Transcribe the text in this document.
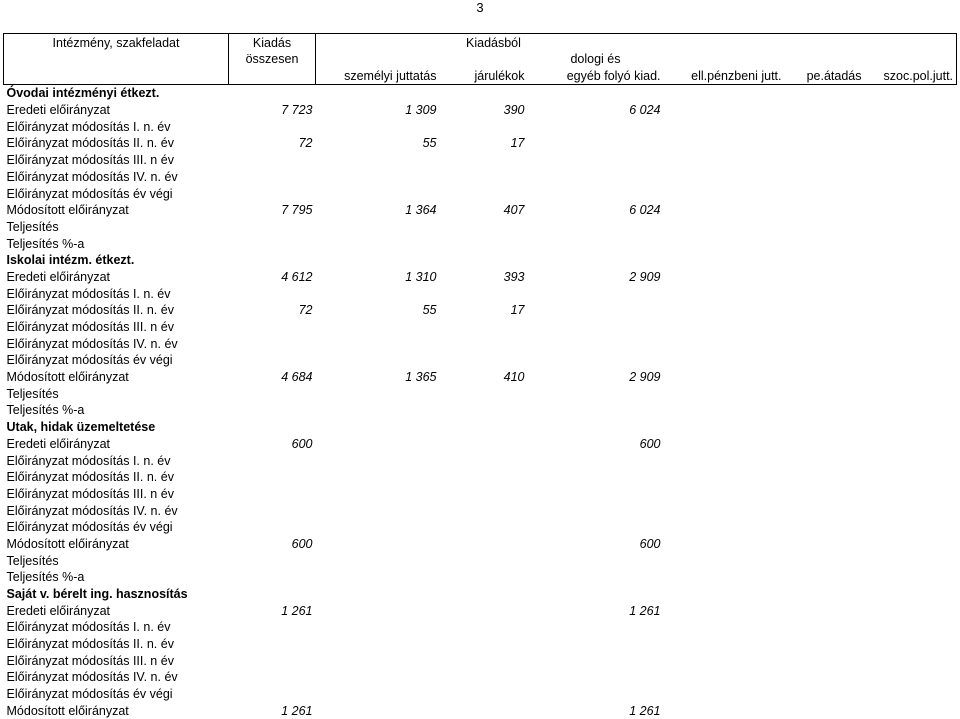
3
Intézmény, szakfeladat	Kiadás	Kiadásból					
	összesen			dologi és			
		személyi juttatás	járulékok	egyéb folyó kiad.	ell.pénzbeni jutt.	pe.átadás	szoc.pol.jutt.
Óvodai intézményi étkezt.							
Eredeti előirányzat	7 723	1 309	390	6 024			
Előirányzat módosítás I. n. év							
Előirányzat módosítás II. n. év	72	55	17				
Előirányzat módosítás III. n év							
Előirányzat módosítás IV. n. év							
Előirányzat módosítás év végi							
Módosított előirányzat	7 795	1 364	407	6 024			
Teljesítés							
Teljesítés %-a							
Iskolai intézm. étkezt.							
Eredeti előirányzat	4 612	1 310	393	2 909			
Előirányzat módosítás I. n. év							
Előirányzat módosítás II. n. év	72	55	17				
Előirányzat módosítás III. n év							
Előirányzat módosítás IV. n. év							
Előirányzat módosítás év végi							
Módosított előirányzat	4 684	1 365	410	2 909			
Teljesítés							
Teljesítés %-a							
Utak, hidak üzemeltetése							
Eredeti előirányzat	600			600			
Előirányzat módosítás I. n. év							
Előirányzat módosítás II. n. év							
Előirányzat módosítás III. n év							
Előirányzat módosítás IV. n. év							
Előirányzat módosítás év végi							
Módosított előirányzat	600			600			
Teljesítés							
Teljesítés %-a							
Saját v. bérelt ing. hasznosítás							
Eredeti előirányzat	1 261			1 261			
Előirányzat módosítás I. n. év							
Előirányzat módosítás II. n. év							
Előirányzat módosítás III. n év							
Előirányzat módosítás IV. n. év							
Előirányzat módosítás év végi							
Módosított előirányzat	1 261			1 261			
